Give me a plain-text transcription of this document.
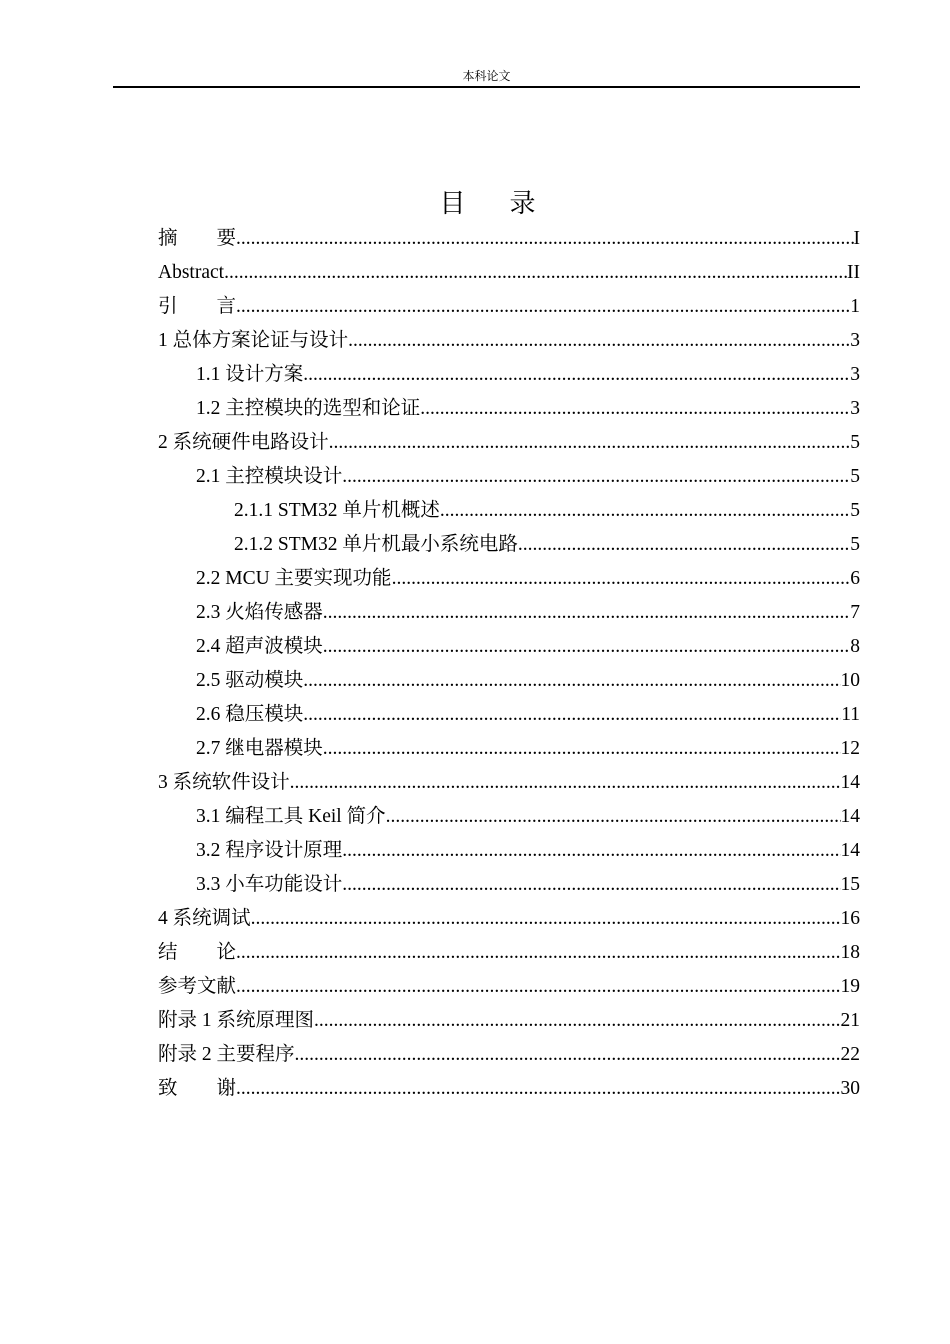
本科论文
目录
摘　　要 .....	I
Abstract .....	II
引　　言 .....	1
1 总体方案论证与设计 .....	3
1.1 设计方案 .....	3
1.2 主控模块的选型和论证 .....	3
2 系统硬件电路设计 .....	5
2.1 主控模块设计 .....	5
2.1.1 STM32 单片机概述 .....	5
2.1.2 STM32 单片机最小系统电路 .....	5
2.2 MCU 主要实现功能 .....	6
2.3 火焰传感器 .....	7
2.4 超声波模块 .....	8
2.5 驱动模块 .....	10
2.6 稳压模块 .....	11
2.7 继电器模块 .....	12
3 系统软件设计 .....	14
3.1 编程工具 Keil 简介 .....	14
3.2 程序设计原理 .....	14
3.3 小车功能设计 .....	15
4 系统调试 .....	16
结　　论 .....	18
参考文献 .....	19
附录 1 系统原理图 .....	21
附录 2 主要程序 .....	22
致　　谢 .....	30
